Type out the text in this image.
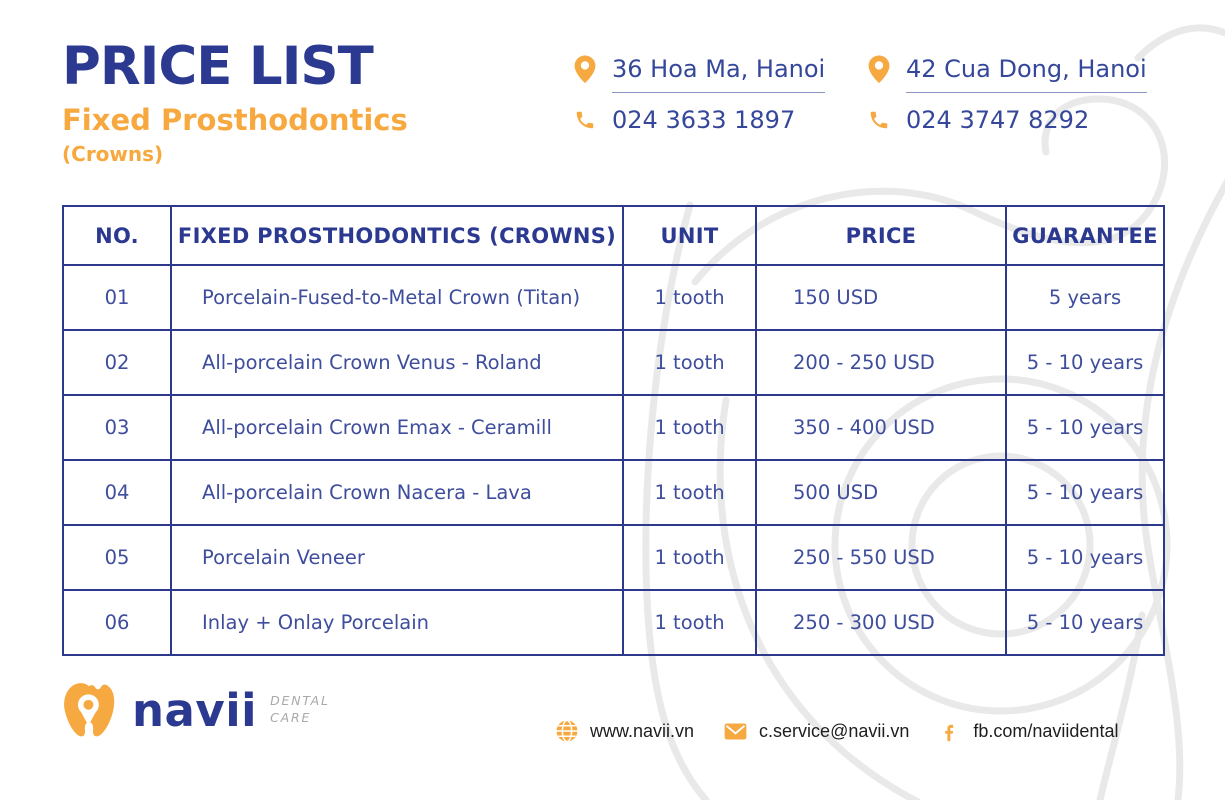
PRICE LIST
Fixed Prosthodontics
(Crowns)
36 Hoa Ma, Hanoi
024 3633 1897
42 Cua Dong, Hanoi
024 3747 8292
NO.	FIXED PROSTHODONTICS (CROWNS)	UNIT	PRICE	GUARANTEE
01	Porcelain-Fused-to-Metal Crown (Titan)	1 tooth	150 USD	5 years
02	All-porcelain Crown Venus - Roland	1 tooth	200 - 250 USD	5 - 10 years
03	All-porcelain Crown Emax - Ceramill	1 tooth	350 - 400 USD	5 - 10 years
04	All-porcelain Crown Nacera - Lava	1 tooth	500 USD	5 - 10 years
05	Porcelain Veneer	1 tooth	250 - 550 USD	5 - 10 years
06	Inlay + Onlay Porcelain	1 tooth	250 - 300 USD	5 - 10 years
navii DENTAL
CARE
www.navii.vn	c.service@navii.vn	fb.com/naviidental
